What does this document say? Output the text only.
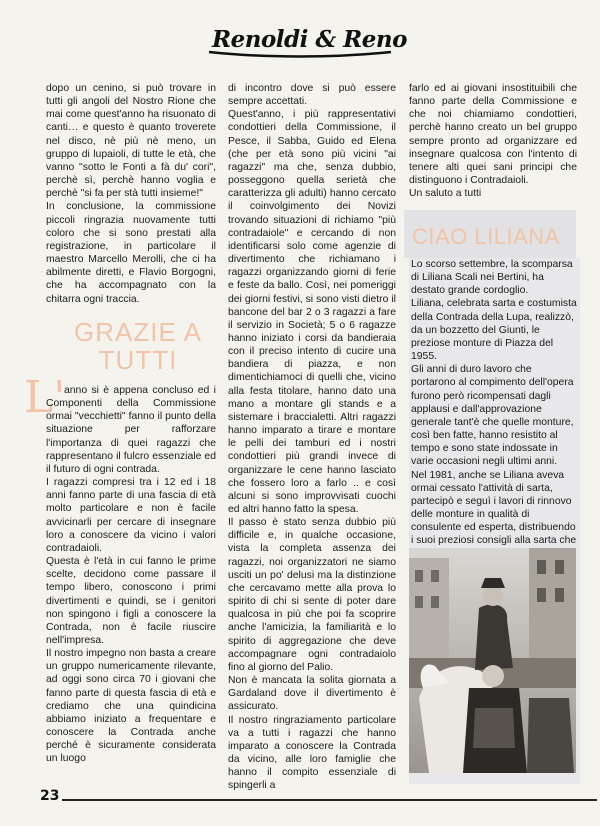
Renoldi & Reno

dopo un cenino, si può trovare in tutti gli angoli del Nostro Rione che mai come quest'anno ha risuonato di canti… e questo è quanto troverete nel disco, nè più nè meno, un gruppo di lupaioli, di tutte le età, che vanno "sotto le Fonti a fà du' cori", perchè sì, perchè hanno voglia e perchè "si fa per stà tutti insieme!"

In conclusione, la commissione piccoli ringrazia nuovamente tutti coloro che si sono prestati alla registrazione, in particolare il maestro Marcello Merolli, che ci ha abilmente diretti, e Flavio Borgogni, che ha accompagnato con la chitarra ogni traccia.

GRAZIE A TUTTI
L'

anno si è appena concluso ed i Componenti della Commissione ormai "vecchietti" fanno il punto della situazione per rafforzare l'importanza di quei ragazzi che rappresentano il fulcro essenziale ed il futuro di ogni contrada.

I ragazzi compresi tra i 12 ed i 18 anni fanno parte di una fascia di età molto particolare e non è facile avvicinarli per cercare di insegnare loro a conoscere da vicino i valori contradaioli.

Questa è l'età in cui fanno le prime scelte, decidono come passare il tempo libero, conoscono i primi divertimenti e quindi, se i genitori non spingono i figli a conoscere la Contrada, non è facile riuscire nell'impresa.

Il nostro impegno non basta a creare un gruppo numericamente rilevante, ad oggi sono circa 70 i giovani che fanno parte di questa fascia di età e crediamo che una quindicina abbiamo iniziato a frequentare e conoscere la Contrada anche perché è sicuramente considerata un luogo

di incontro dove si può essere sempre accettati.

Quest'anno, i più rappresentativi condottieri della Commissione, il Pesce, il Sabba, Guido ed Elena (che per età sono più vicini "ai ragazzi" ma che, senza dubbio, posseggono quella serietà che caratterizza gli adulti) hanno cercato il coinvolgimento dei Novizi trovando situazioni di richiamo "più contradaiole" e cercando di non identificarsi solo come agenzie di divertimento che richiamano i ragazzi organizzando giorni di ferie e feste da ballo. Così, nei pomeriggi dei giorni festivi, si sono visti dietro il bancone del bar 2 o 3 ragazzi a fare il servizio in Società; 5 o 6 ragazze hanno iniziato i corsi da bandieraia con il preciso intento di cucire una bandiera di piazza, e non dimentichiamoci di quelli che, vicino alla festa titolare, hanno dato una mano a montare gli stands e a sistemare i braccialetti. Altri ragazzi hanno imparato a tirare e montare le pelli dei tamburi ed i nostri condottieri più grandi invece di organizzare le cene hanno lasciato che fossero loro a farlo .. e così alcuni si sono improvvisati cuochi ed altri hanno fatto la spesa.

Il passo è stato senza dubbio più difficile e, in qualche occasione, vista la completa assenza dei ragazzi, noi organizzatori ne siamo usciti un po' delusi ma la distinzione che cercavamo mette alla prova lo spirito di chi si sente di poter dare qualcosa in più che poi fa scoprire anche l'amicizia, la familiarità e lo spirito di aggregazione che deve accompagnare ogni contradaiolo fino al giorno del Palio.

Non è mancata la solita giornata a Gardaland dove il divertimento è assicurato.

Il nostro ringraziamento particolare va a tutti i ragazzi che hanno imparato a conoscere la Contrada da vicino, alle loro famiglie che hanno il compito essenziale di spingerli a

farlo ed ai giovani insostituibili che fanno parte della Commissione e che noi chiamiamo condottieri, perchè hanno creato un bel gruppo sempre pronto ad organizzare ed insegnare qualcosa con l'intento di tenere alti quei sani principi che distinguono i Contradaioli.

Un saluto a tutti

CIAO LILIANA

Lo scorso settembre, la scomparsa di Liliana Scali nei Bertini, ha destato grande cordoglio.

Liliana, celebrata sarta e costumista della Contrada della Lupa, realizzò, da un bozzetto del Giunti, le preziose monture di Piazza del 1955.

Gli anni di duro lavoro che portarono al compimento dell'opera furono però ricompensati dagli applausi e dall'approvazione generale tant'è che quelle monture, così ben fatte, hanno resistito al tempo e sono state indossate in varie occasioni negli ultimi anni.

Nel 1981, anche se Liliana aveva ormai cessato l'attività di sarta, partecipò e seguì i lavori di rinnovo delle monture in qualità di consulente ed esperta, distribuendo i suoi preziosi consigli alla sarta che

23
